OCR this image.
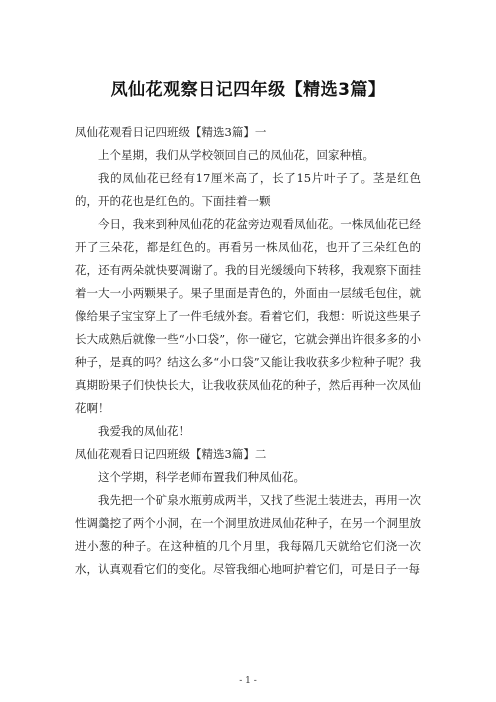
凤仙花观察日记四年级【精选3篇】

凤仙花观看日记四班级【精选3篇】一

上个星期，我们从学校领回自己的凤仙花，回家种植。

我的凤仙花已经有17厘米高了，长了15片叶子了。茎是红色的，开的花也是红色的。下面挂着一颗

今日，我来到种凤仙花的花盆旁边观看凤仙花。一株凤仙花已经开了三朵花，都是红色的。再看另一株凤仙花，也开了三朵红色的花，还有两朵就快要凋谢了。我的目光缓缓向下转移，我观察下面挂着一大一小两颗果子。果子里面是青色的，外面由一层绒毛包住，就像给果子宝宝穿上了一件毛绒外套。看着它们，我想：听说这些果子长大成熟后就像一些“小口袋”，你一碰它，它就会弹出许很多多的小种子，是真的吗？结这么多“小口袋”又能让我收获多少粒种子呢？我真期盼果子们快快长大，让我收获凤仙花的种子，然后再种一次凤仙花啊！

我爱我的凤仙花！

凤仙花观看日记四班级【精选3篇】二

这个学期，科学老师布置我们种凤仙花。

我先把一个矿泉水瓶剪成两半，又找了些泥土装进去，再用一次性调羹挖了两个小洞，在一个洞里放进凤仙花种子，在另一个洞里放进小葱的种子。在这种植的几个月里，我每隔几天就给它们浇一次水，认真观看它们的变化。尽管我细心地呵护着它们，可是日子一每

- 1 -
